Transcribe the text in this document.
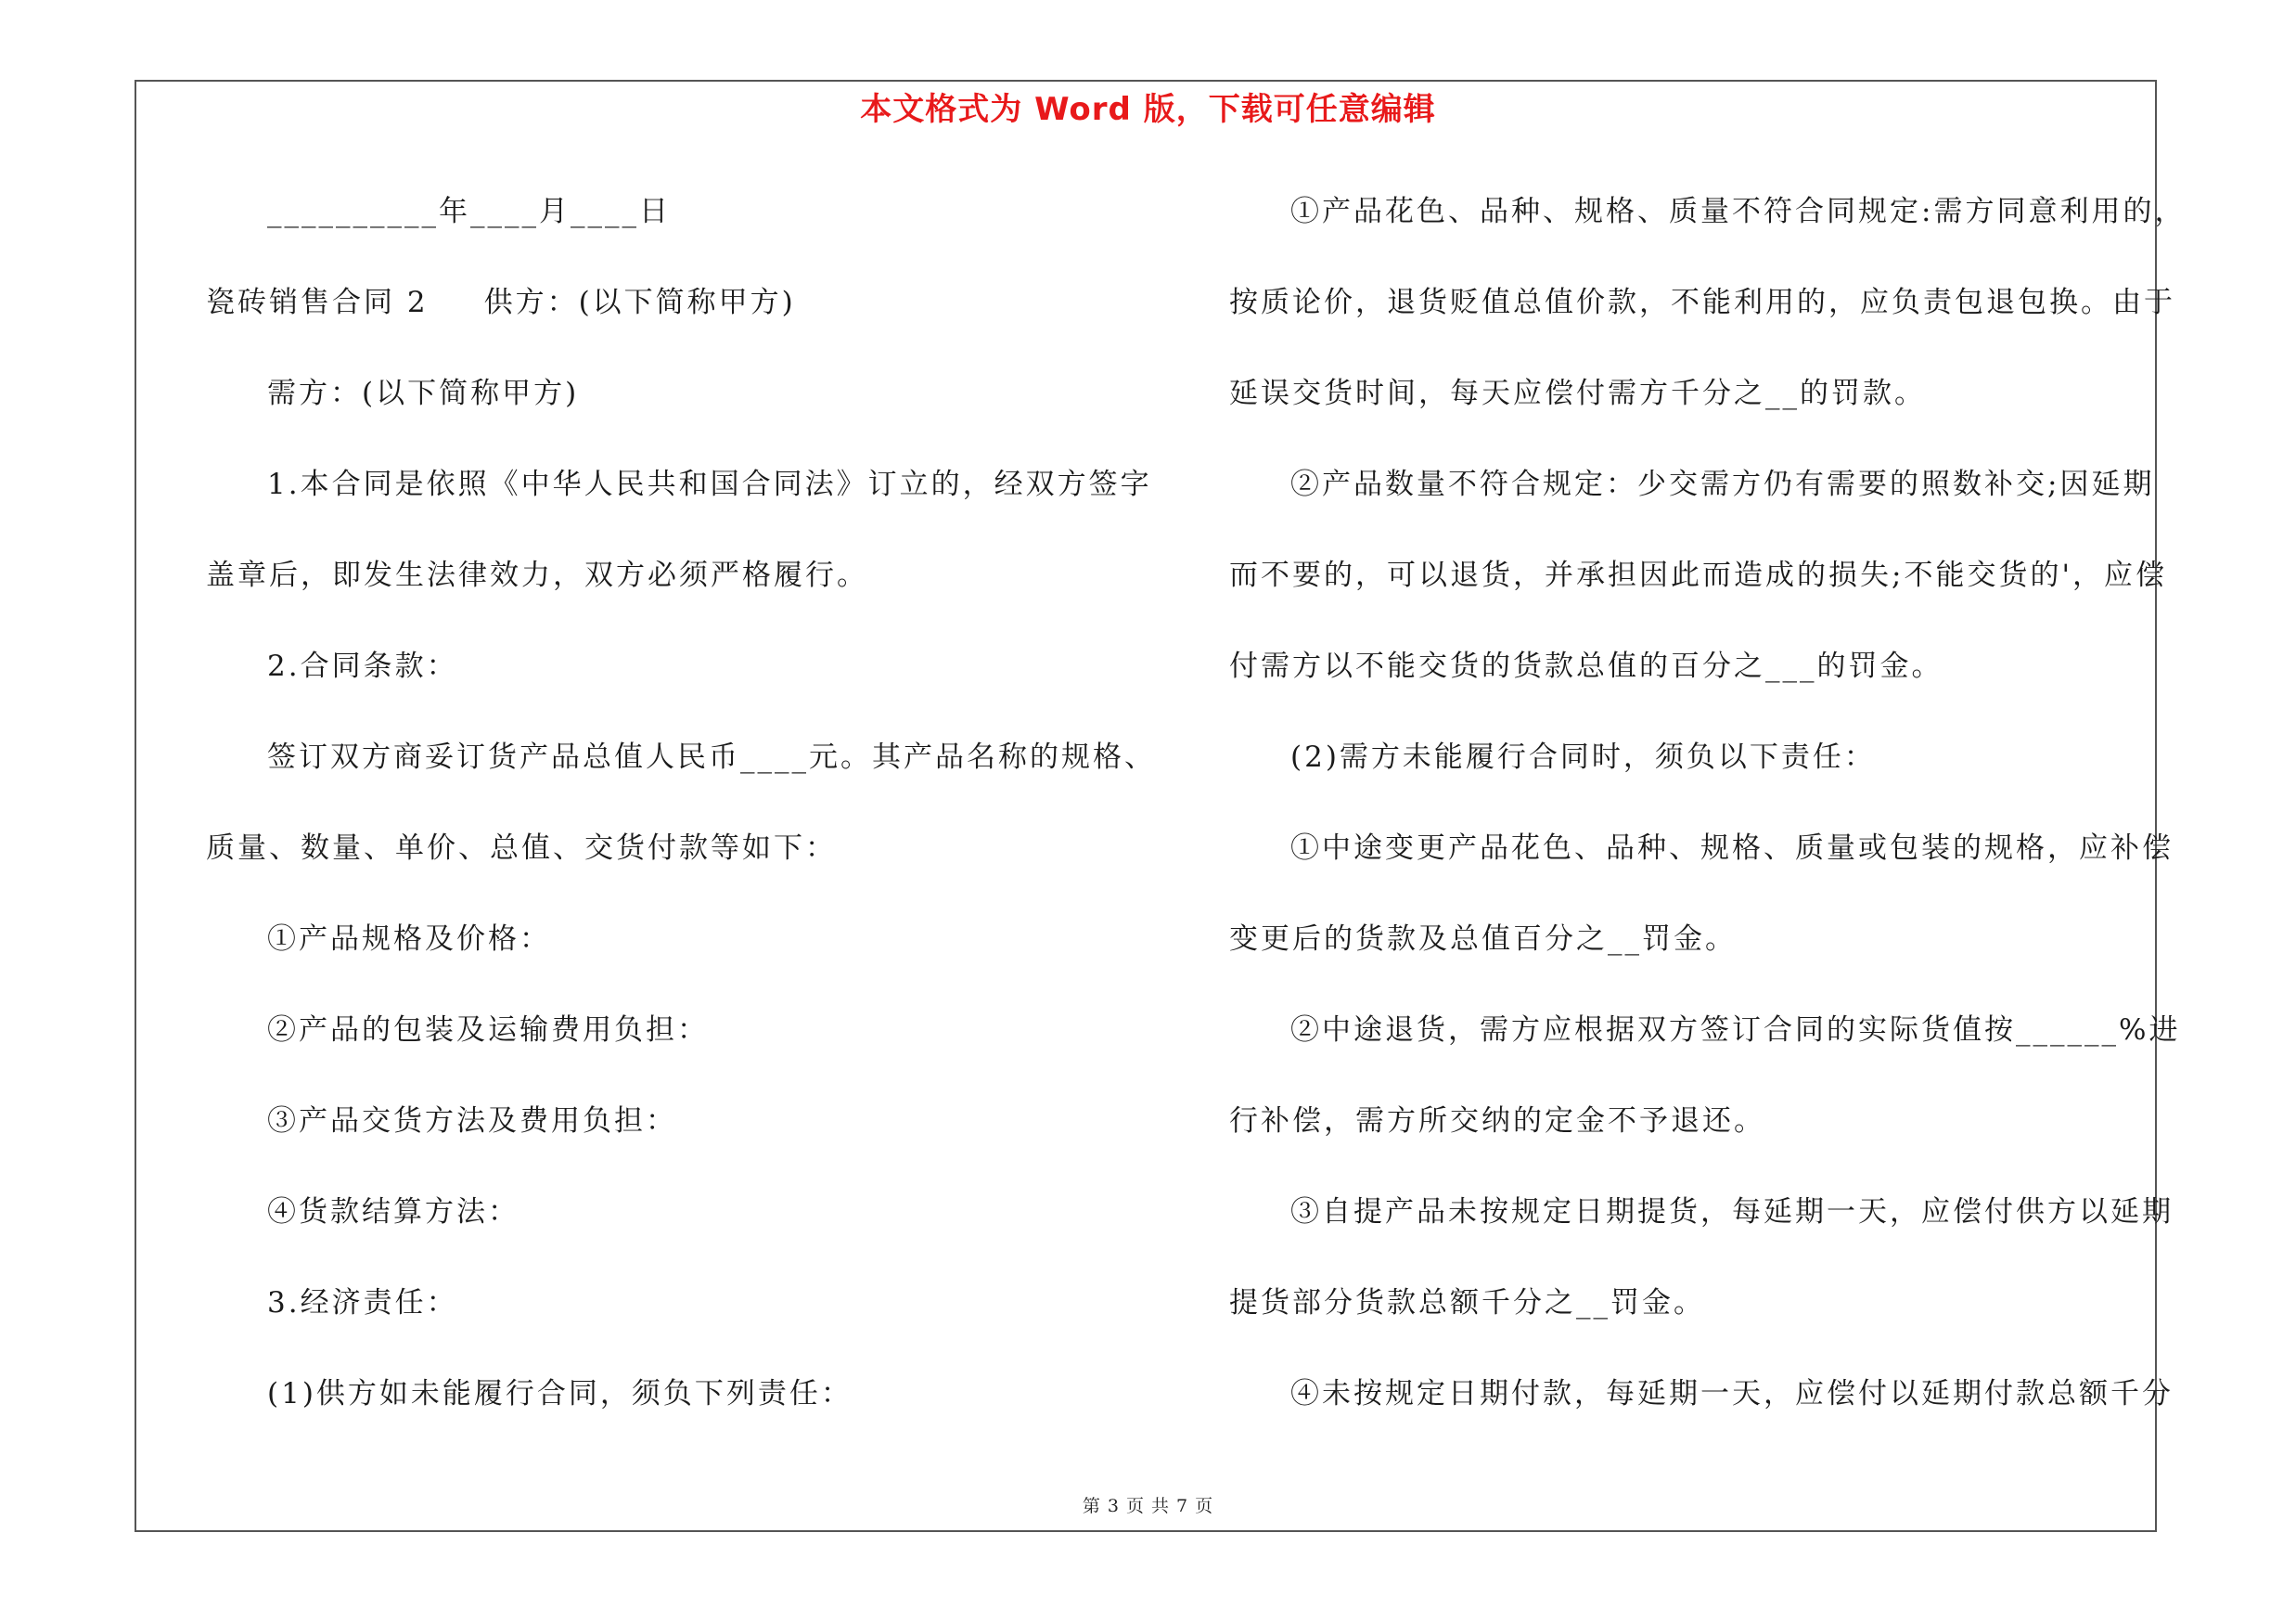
本文格式为 Word 版，下载可任意编辑
__________年____月____日
瓷砖销售合同 2 供方：(以下简称甲方)
需方：(以下简称甲方)
1.本合同是依照《中华人民共和国合同法》订立的，经双方签字
盖章后，即发生法律效力，双方必须严格履行。
2.合同条款：
签订双方商妥订货产品总值人民币____元。其产品名称的规格、
质量、数量、单价、总值、交货付款等如下：
①产品规格及价格：
②产品的包装及运输费用负担：
③产品交货方法及费用负担：
④货款结算方法：
3.经济责任：
(1)供方如未能履行合同，须负下列责任：
①产品花色、品种、规格、质量不符合同规定:需方同意利用的，
按质论价，退货贬值总值价款，不能利用的，应负责包退包换。由于
延误交货时间，每天应偿付需方千分之__的罚款。
②产品数量不符合规定：少交需方仍有需要的照数补交;因延期
而不要的，可以退货，并承担因此而造成的损失;不能交货的'，应偿
付需方以不能交货的货款总值的百分之___的罚金。
(2)需方未能履行合同时，须负以下责任：
①中途变更产品花色、品种、规格、质量或包装的规格，应补偿
变更后的货款及总值百分之__罚金。
②中途退货，需方应根据双方签订合同的实际货值按______%进
行补偿，需方所交纳的定金不予退还。
③自提产品未按规定日期提货，每延期一天，应偿付供方以延期
提货部分货款总额千分之__罚金。
④未按规定日期付款，每延期一天，应偿付以延期付款总额千分
第 3 页 共 7 页
